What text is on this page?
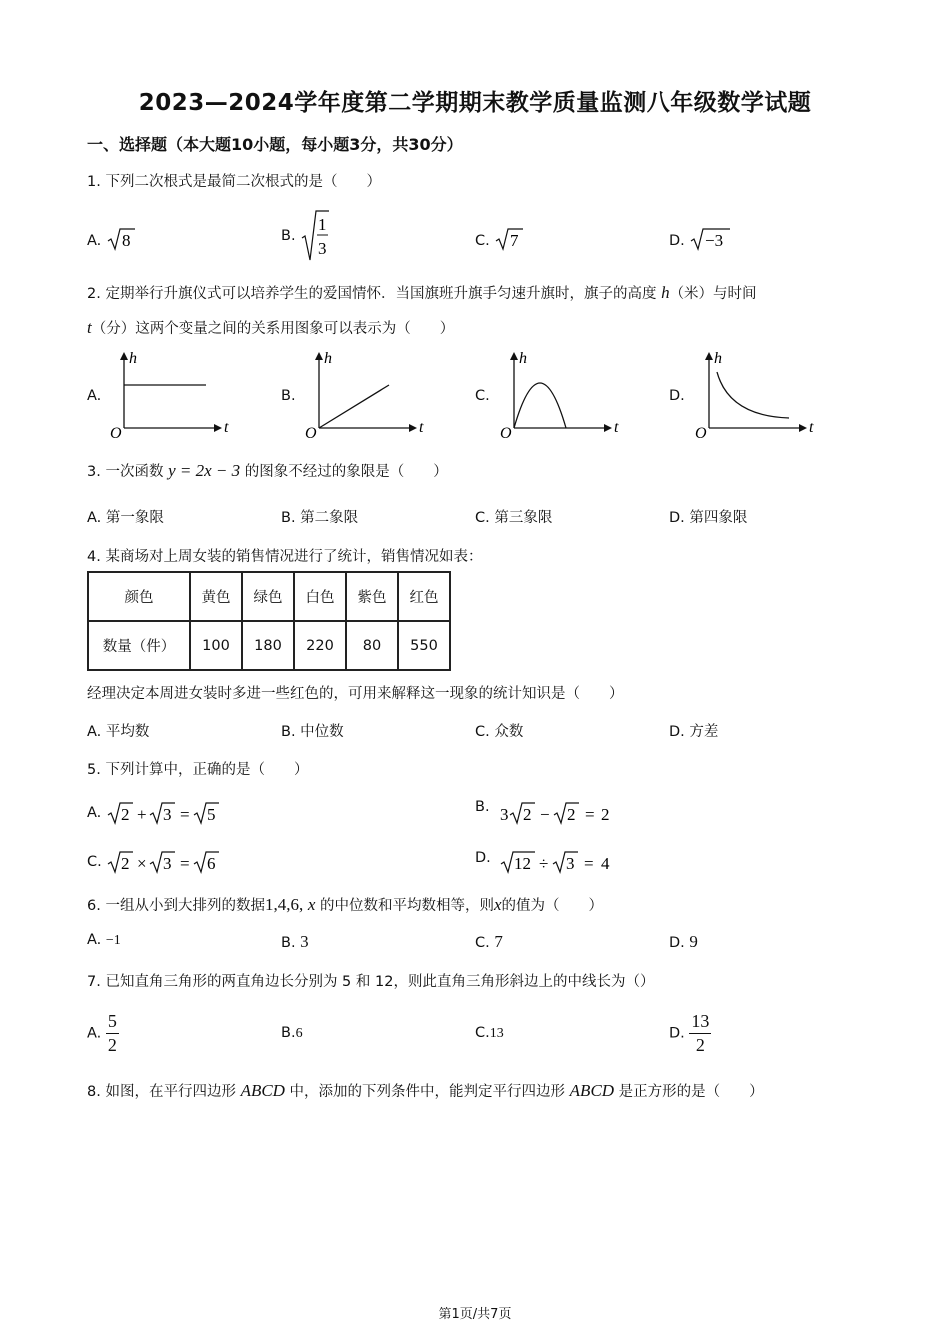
2023—2024学年度第二学期期末教学质量监测八年级数学试题
一、选择题（本大题10小题，每小题3分，共30分）
1. 下列二次根式是最简二次根式的是（　　）
A. 8	B.
1
3	C. 7	D. −3
2. 定期举行升旗仪式可以培养学生的爱国情怀．当国旗班升旗手匀速升旗时，旗子的高度 h（米）与时间
t（分）这两个变量之间的关系用图象可以表示为（　　）
A.	B.	C.	D.
h
t
O
h
t
O
h
t
O
h
t
O
3. 一次函数 y = 2x − 3 的图象不经过的象限是（　　）
A. 第一象限	B. 第二象限	C. 第三象限	D. 第四象限
4. 某商场对上周女装的销售情况进行了统计，销售情况如表：
颜色	黄色	绿色	白色	紫色	红色
数量（件）	100	180	220	80	550
经理决定本周进女装时多进一些红色的，可用来解释这一现象的统计知识是（　　）
A. 平均数	B. 中位数	C. 众数	D. 方差
5. 下列计算中，正确的是（　　）
A. 2 + 3 = 5	B. 3 2 − 2 = 2
C. 2 × 3 = 6	D. 12 ÷ 3 = 4
6. 一组从小到大排列的数据1,4,6, x 的中位数和平均数相等，则x的值为（　　）
A. −1	B. 3	C. 7	D. 9
7. 已知直角三角形的两直角边长分别为 5 和 12，则此直角三角形斜边上的中线长为（）
A. $\frac{5}{2}$	B.6	C.13	D. $\frac{13}{2}$
8. 如图，在平行四边形 ABCD 中，添加的下列条件中，能判定平行四边形 ABCD 是正方形的是（　　）
第1页/共7页
